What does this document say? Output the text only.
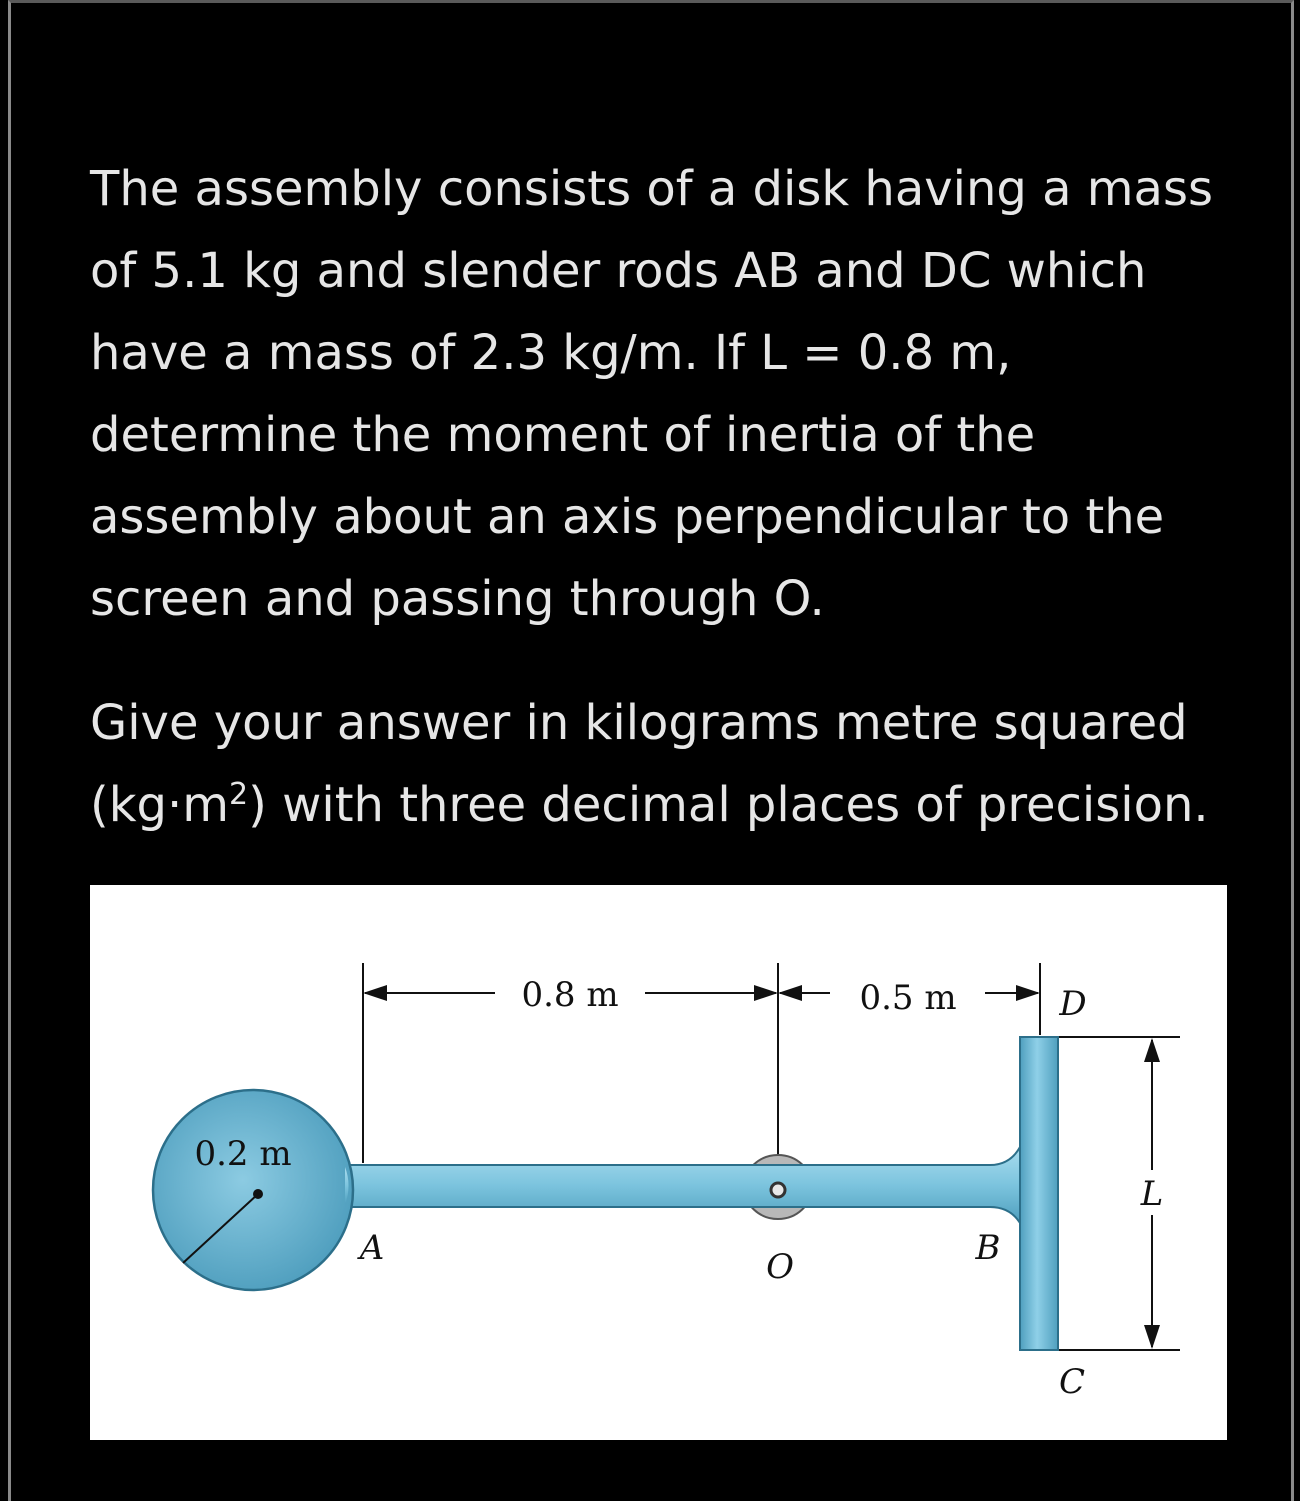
The assembly consists of a disk having a mass of 5.1 kg and slender rods AB and DC which have a mass of 2.3 kg/m. If L = 0.8 m, determine the moment of inertia of the assembly about an axis perpendicular to the screen and passing through O.

Give your answer in kilograms metre squared $(kg\cdot m^2)$ with three decimal places of precision.

0.8 m	0.5 m
L
0.2 m
A	O	B
D
C
